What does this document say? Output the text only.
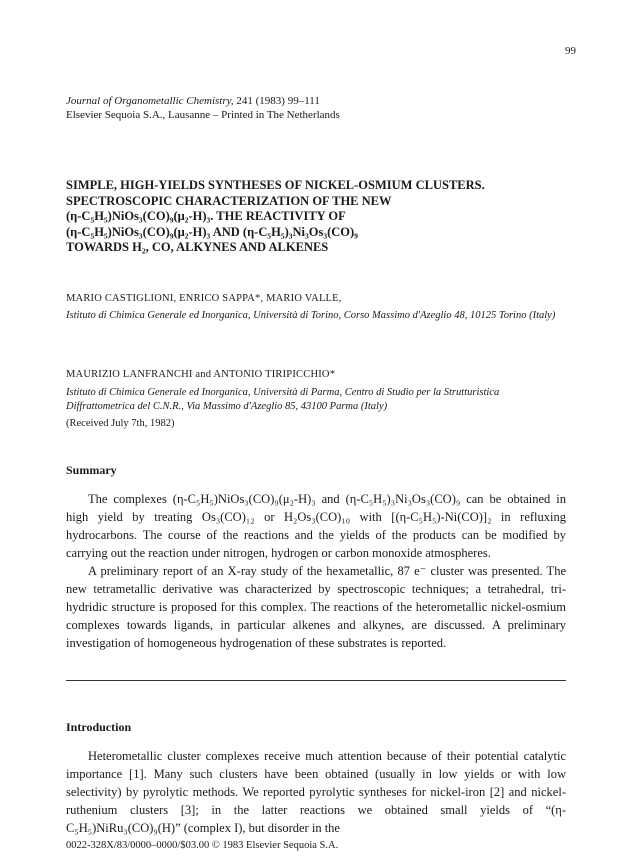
99
Journal of Organometallic Chemistry, 241 (1983) 99–111
Elsevier Sequoia S.A., Lausanne – Printed in The Netherlands
SIMPLE, HIGH-YIELDS SYNTHESES OF NICKEL-OSMIUM CLUSTERS.
SPECTROSCOPIC CHARACTERIZATION OF THE NEW
(η-C₅H₅)NiOs₃(CO)₉(μ₂-H)₃. THE REACTIVITY OF
(η-C₅H₅)NiOs₃(CO)₉(μ₂-H)₃ AND (η-C₅H₅)₃Ni₃Os₃(CO)₉
TOWARDS H₂, CO, ALKYNES AND ALKENES
MARIO CASTIGLIONI, ENRICO SAPPA*, MARIO VALLE,
Istituto di Chimica Generale ed Inorganica, Università di Torino, Corso Massimo d'Azeglio 48, 10125 Torino (Italy)
MAURIZIO LANFRANCHI and ANTONIO TIRIPICCHIO*
Istituto di Chimica Generale ed Inorganica, Università di Parma, Centro di Studio per la Strutturistica Diffrattometrica del C.N.R., Via Massimo d'Azeglio 85, 43100 Parma (Italy)
(Received July 7th, 1982)
Summary
The complexes (η-C₅H₅)NiOs₃(CO)₉(μ₂-H)₃ and (η-C₅H₅)₃Ni₃Os₃(CO)₉ can be obtained in high yield by treating Os₃(CO)₁₂ or H₂Os₃(CO)₁₀ with [(η-C₅H₅)-Ni(CO)]₂ in refluxing hydrocarbons. The course of the reactions and the yields of the products can be modified by carrying out the reaction under nitrogen, hydrogen or carbon monoxide atmospheres.
A preliminary report of an X-ray study of the hexametallic, 87 e⁻ cluster was presented. The new tetrametallic derivative was characterized by spectroscopic techniques; a tetrahedral, tri-hydridic structure is proposed for this complex. The reactions of the heterometallic nickel-osmium complexes towards ligands, in particular alkenes and alkynes, are discussed. A preliminary investigation of homogeneous hydrogenation of these substrates is reported.
Introduction
Heterometallic cluster complexes receive much attention because of their potential catalytic importance [1]. Many such clusters have been obtained (usually in low yields or with low selectivity) by pyrolytic methods. We reported pyrolytic syntheses for nickel-iron [2] and nickel-ruthenium clusters [3]; in the latter reactions we obtained small yields of “(η-C₅H₅)NiRu₃(CO)₉(H)” (complex I), but disorder in the
0022-328X/83/0000–0000/$03.00 © 1983 Elsevier Sequoia S.A.
